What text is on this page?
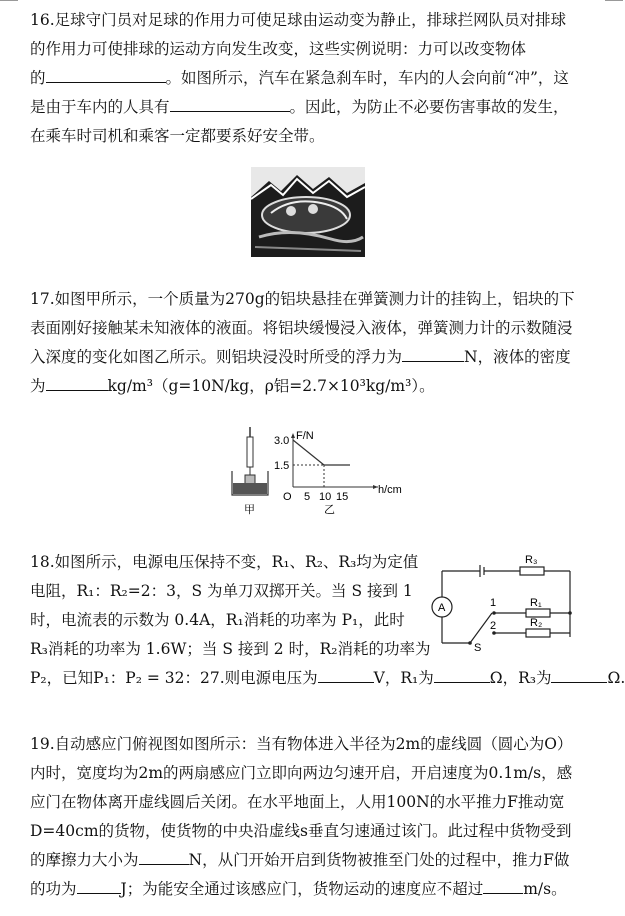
16.足球守门员对足球的作用力可使足球由运动变为静止，排球拦网队员对排球
的作用力可使排球的运动方向发生改变，这些实例说明：力可以改变物体
的	。如图所示，汽车在紧急刹车时，车内的人会向前“冲”，这
是由于车内的人具有	。因此，为防止不必要伤害事故的发生，
在乘车时司机和乘客一定都要系好安全带。
17.如图甲所示，一个质量为270g的铝块悬挂在弹簧测力计的挂钩上，铝块的下
表面刚好接触某未知液体的液面。将铝块缓慢浸入液体，弹簧测力计的示数随浸
入深度的变化如图乙所示。则铝块浸没时所受的浮力为	N，液体的密度
为	kg/m³（g=10N/kg，ρ铝=2.7×10³kg/m³）。
F/N
h/cm
3.0
1.5
O 5 10 15
甲	乙
18.如图所示，电源电压保持不变，R₁、R₂、R₃均为定值
电阻，R₁：R₂=2：3，S 为单刀双掷开关。当 S 接到 1
时，电流表的示数为 0.4A，R₁消耗的功率为 P₁，此时
R₃消耗的功率为 1.6W；当 S 接到 2 时，R₂消耗的功率为
P₂，已知P₁：P₂ = 32：27.则电源电压为	V，R₁为	Ω，R₃为	Ω.
R₃
R₁
R₂
A	1
2
S
19.自动感应门俯视图如图所示：当有物体进入半径为2m的虚线圆（圆心为O）
内时，宽度均为2m的两扇感应门立即向两边匀速开启，开启速度为0.1m/s，感
应门在物体离开虚线圆后关闭。在水平地面上，人用100N的水平推力F推动宽
D=40cm的货物，使货物的中央沿虚线s垂直匀速通过该门。此过程中货物受到
的摩擦力大小为	N，从门开始开启到货物被推至门处的过程中，推力F做
的功为	J；为能安全通过该感应门，货物运动的速度应不超过	m/s。
